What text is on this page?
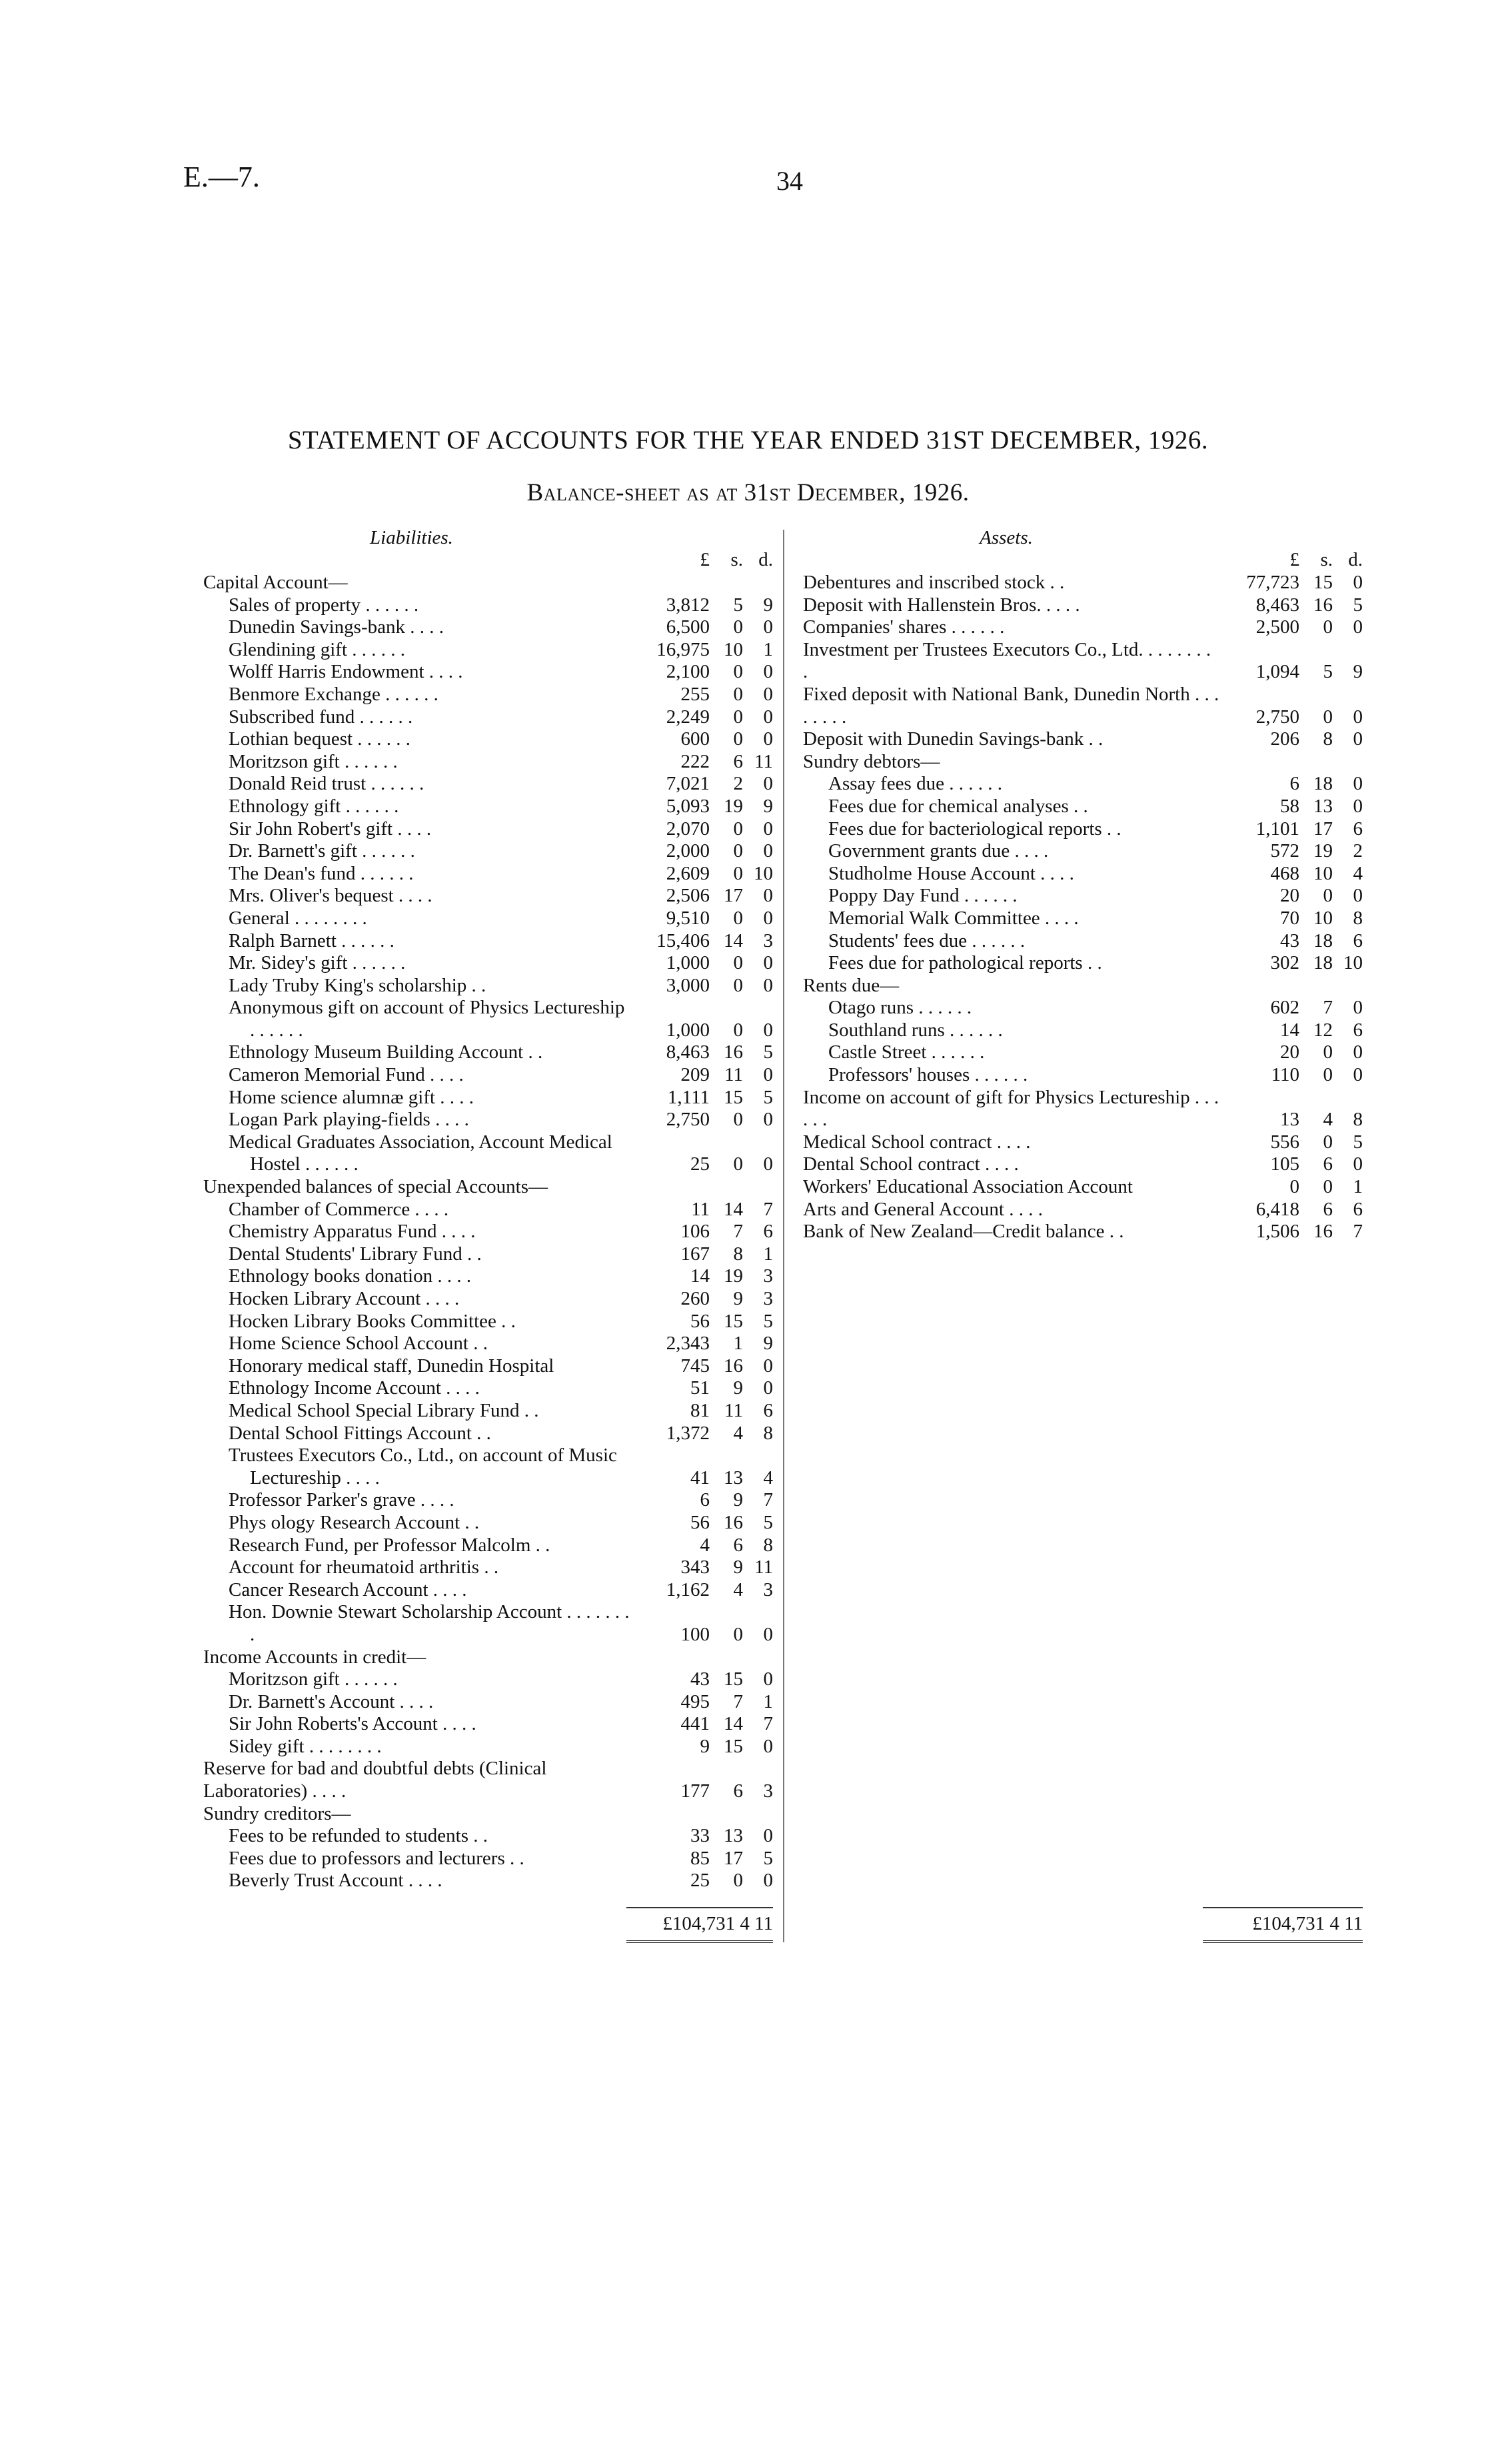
E.—7.	34
STATEMENT OF ACCOUNTS FOR THE YEAR ENDED 31ST DECEMBER, 1926.
Balance-sheet as at 31st December, 1926.
Liabilities.
£	s. d.
Capital Account—
Sales of property . . . . . .	3,812	5	9
Dunedin Savings-bank . . . .	6,500	0	0
Glendining gift . . . . . .	16,975 10	1
Wolff Harris Endowment . . . .	2,100	0	0
Benmore Exchange . . . . . .	255	0	0
Subscribed fund . . . . . .	2,249	0	0
Lothian bequest . . . . . .	600	0	0
Moritzson gift . . . . . .	222	6 11
Donald Reid trust . . . . . .	7,021	2	0
Ethnology gift . . . . . .	5,093 19	9
Sir John Robert's gift . . . .	2,070	0	0
Dr. Barnett's gift . . . . . .	2,000	0	0
The Dean's fund . . . . . .	2,609	0 10
Mrs. Oliver's bequest . . . .	2,506 17	0
General . . . . . . . .	9,510	0	0
Ralph Barnett . . . . . .	15,406 14	3
Mr. Sidey's gift . . . . . .	1,000	0	0
Lady Truby King's scholarship . .	3,000	0	0
Anonymous gift on account of Physics Lectureship . . . . . .	1,000	0	0
Ethnology Museum Building Account . .	8,463 16	5
Cameron Memorial Fund . . . .	209 11	0
Home science alumnæ gift . . . .	1,111 15	5
Logan Park playing-fields . . . .	2,750	0	0
Medical Graduates Association, Account Medical Hostel . . . . . .	25	0	0
Unexpended balances of special Accounts—
Chamber of Commerce . . . .	11 14	7
Chemistry Apparatus Fund . . . .	106	7	6
Dental Students' Library Fund . .	167	8	1
Ethnology books donation . . . .	14 19	3
Hocken Library Account . . . .	260	9	3
Hocken Library Books Committee . .	56 15	5
Home Science School Account . .	2,343	1	9
Honorary medical staff, Dunedin Hospital	745 16	0
Ethnology Income Account . . . .	51	9	0
Medical School Special Library Fund . .	81 11	6
Dental School Fittings Account . .	1,372	4	8
Trustees Executors Co., Ltd., on account of Music Lectureship . . . .	41 13	4
Professor Parker's grave . . . .	6	9	7
Phys ology Research Account . .	56 16	5
Research Fund, per Professor Malcolm . .	4	6	8
Account for rheumatoid arthritis . .	343	9 11
Cancer Research Account . . . .	1,162	4	3
Hon. Downie Stewart Scholarship Account . . . . . . . .	100	0	0
Income Accounts in credit—
Moritzson gift . . . . . .	43 15	0
Dr. Barnett's Account . . . .	495	7	1
Sir John Roberts's Account . . . .	441 14	7
Sidey gift . . . . . . . .	9 15	0
Reserve for bad and doubtful debts (Clinical Laboratories) . . . .	177	6	3
Sundry creditors—
Fees to be refunded to students . .	33 13	0
Fees due to professors and lecturers . .	85 17	5
Beverly Trust Account . . . .	25	0	0
Assets.
£	s. d.
Debentures and inscribed stock . .	77,723 15	0
Deposit with Hallenstein Bros. . . . .	8,463 16	5
Companies' shares . . . . . .	2,500	0	0
Investment per Trustees Executors Co., Ltd. . . . . . . . .	1,094	5	9
Fixed deposit with National Bank, Dunedin North . . . . . . . .	2,750	0	0
Deposit with Dunedin Savings-bank . .	206	8	0
Sundry debtors—
Assay fees due . . . . . .	6 18	0
Fees due for chemical analyses . .	58 13	0
Fees due for bacteriological reports . .	1,101 17	6
Government grants due . . . .	572 19	2
Studholme House Account . . . .	468 10	4
Poppy Day Fund . . . . . .	20	0	0
Memorial Walk Committee . . . .	70 10	8
Students' fees due . . . . . .	43 18	6
Fees due for pathological reports . .	302 18 10
Rents due—
Otago runs . . . . . .	602	7	0
Southland runs . . . . . .	14 12	6
Castle Street . . . . . .	20	0	0
Professors' houses . . . . . .	110	0	0
Income on account of gift for Physics Lectureship . . . . . .	13	4	8
Medical School contract . . . .	556	0	5
Dental School contract . . . .	105	6	0
Workers' Educational Association Account	0	0	1
Arts and General Account . . . .	6,418	6	6
Bank of New Zealand—Credit balance . .	1,506 16	7
£104,731 4 11	£104,731 4 11
